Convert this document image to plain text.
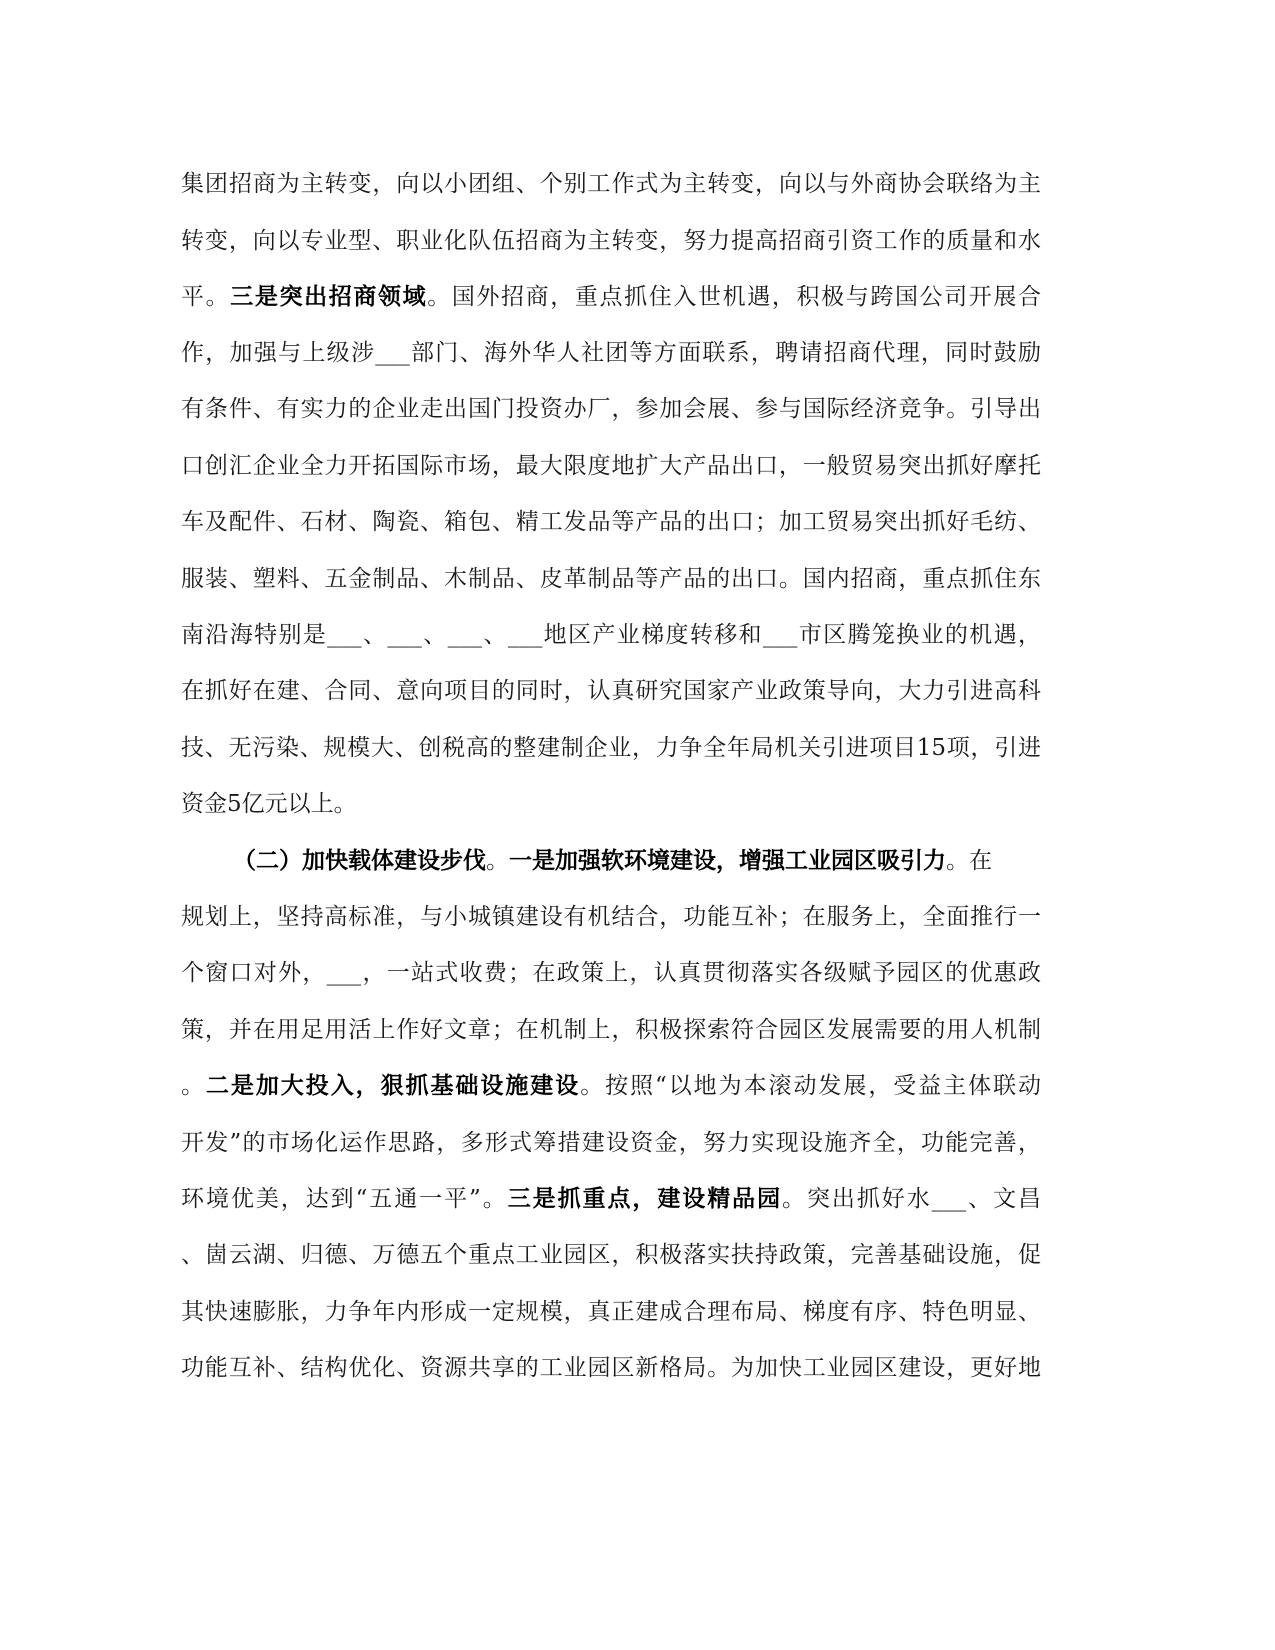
集团招商为主转变，向以小团组、个别工作式为主转变，向以与外商协会联络为主
转变，向以专业型、职业化队伍招商为主转变，努力提高招商引资工作的质量和水
平。三是突出招商领域。国外招商，重点抓住入世机遇，积极与跨国公司开展合
作，加强与上级涉___部门、海外华人社团等方面联系，聘请招商代理，同时鼓励
有条件、有实力的企业走出国门投资办厂，参加会展、参与国际经济竞争。引导出
口创汇企业全力开拓国际市场，最大限度地扩大产品出口，一般贸易突出抓好摩托
车及配件、石材、陶瓷、箱包、精工发品等产品的出口；加工贸易突出抓好毛纺、
服装、塑料、五金制品、木制品、皮革制品等产品的出口。国内招商，重点抓住东
南沿海特别是___、___、___、___地区产业梯度转移和___市区腾笼换业的机遇，
在抓好在建、合同、意向项目的同时，认真研究国家产业政策导向，大力引进高科
技、无污染、规模大、创税高的整建制企业，力争全年局机关引进项目15项，引进
资金5亿元以上。
（二）加快载体建设步伐。一是加强软环境建设，增强工业园区吸引力。在
规划上，坚持高标准，与小城镇建设有机结合，功能互补；在服务上，全面推行一
个窗口对外，___，一站式收费；在政策上，认真贯彻落实各级赋予园区的优惠政
策，并在用足用活上作好文章；在机制上，积极探索符合园区发展需要的用人机制
。二是加大投入，狠抓基础设施建设。按照“以地为本滚动发展，受益主体联动
开发”的市场化运作思路，多形式筹措建设资金，努力实现设施齐全，功能完善，
环境优美，达到“五通一平”。三是抓重点，建设精品园。突出抓好水___、文昌
、崮云湖、归德、万德五个重点工业园区，积极落实扶持政策，完善基础设施，促
其快速膨胀，力争年内形成一定规模，真正建成合理布局、梯度有序、特色明显、
功能互补、结构优化、资源共享的工业园区新格局。为加快工业园区建设，更好地
